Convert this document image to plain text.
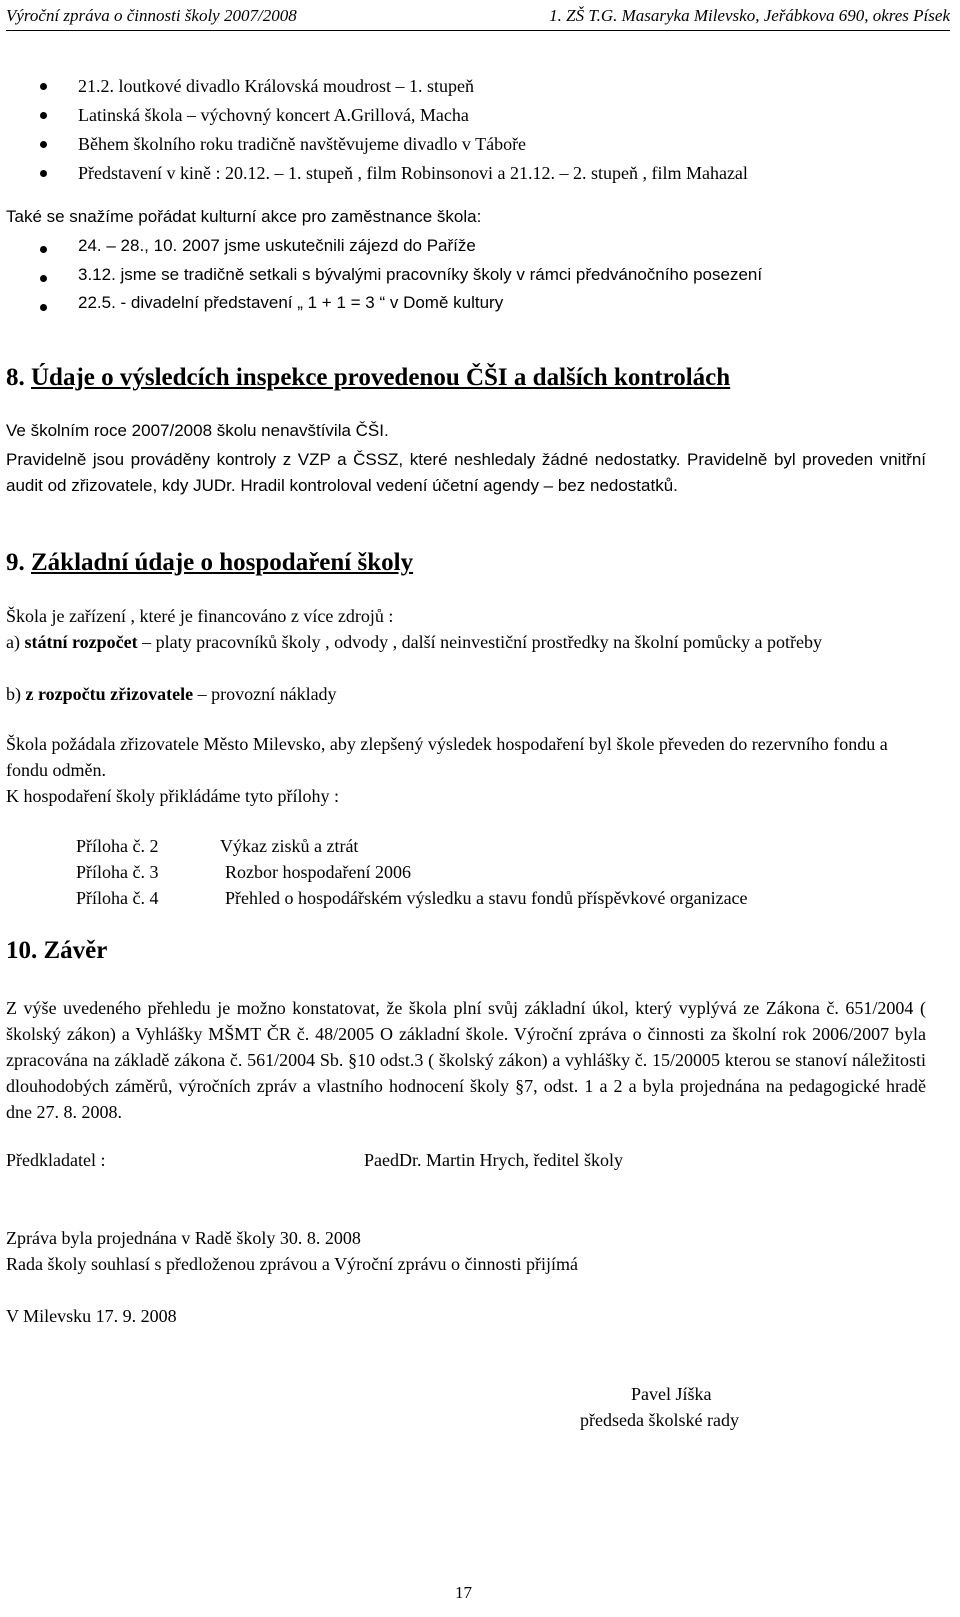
Výroční zpráva o činnosti školy 2007/2008	1. ZŠ T.G. Masaryka Milevsko, Jeřábkova 690, okres Písek
21.2. loutkové divadlo Královská moudrost – 1. stupeň
Latinská škola – výchovný koncert A.Grillová, Macha
Během školního roku tradičně navštěvujeme divadlo v Táboře
Představení v kině : 20.12. – 1. stupeň , film Robinsonovi a 21.12. – 2. stupeň , film Mahazal
Také se snažíme pořádat kulturní akce pro zaměstnance škola:
24. – 28., 10. 2007 jsme uskutečnili zájezd do Paříže
3.12. jsme se tradičně setkali s bývalými pracovníky školy v rámci předvánočního posezení
22.5. - divadelní představení „ 1 + 1 = 3 “ v Domě kultury
8. Údaje o výsledcích inspekce provedenou ČŠI a dalších kontrolách
Ve školním roce 2007/2008 školu nenavštívila ČŠI.
Pravidelně jsou prováděny kontroly z VZP a ČSSZ, které neshledaly žádné nedostatky. Pravidelně byl proveden vnitřní audit od zřizovatele, kdy JUDr. Hradil kontroloval vedení účetní agendy – bez nedostatků.
9. Základní údaje o hospodaření školy
Škola je zařízení , které je financováno z více zdrojů :
a) státní rozpočet – platy pracovníků školy , odvody , další neinvestiční prostředky na školní pomůcky a potřeby
b) z rozpočtu zřizovatele – provozní náklady
Škola požádala zřizovatele Město Milevsko, aby zlepšený výsledek hospodaření byl škole převeden do rezervního fondu a fondu odměn.
K hospodaření školy přikládáme tyto přílohy :
Příloha č. 2	Výkaz zisků a ztrát
Příloha č. 3	Rozbor hospodaření 2006
Příloha č. 4	Přehled o hospodářském výsledku a stavu fondů příspěvkové organizace
10. Závěr
Z výše uvedeného přehledu je možno konstatovat, že škola plní svůj základní úkol, který vyplývá ze Zákona č. 651/2004 ( školský zákon) a Vyhlášky MŠMT ČR č. 48/2005 O základní škole. Výroční zpráva o činnosti za školní rok 2006/2007 byla zpracována na základě zákona č. 561/2004 Sb. §10 odst.3 ( školský zákon) a vyhlášky č. 15/20005 kterou se stanoví náležitosti dlouhodobých záměrů, výročních zpráv a vlastního hodnocení školy §7, odst. 1 a 2 a byla projednána na pedagogické hradě dne 27. 8. 2008.
Předkladatel :	PaedDr. Martin Hrych, ředitel školy
Zpráva byla projednána v Radě školy 30. 8. 2008
Rada školy souhlasí s předloženou zprávou a Výroční zprávu o činnosti přijímá
V Milevsku 17. 9. 2008
Pavel Jíška
předseda školské rady
17
